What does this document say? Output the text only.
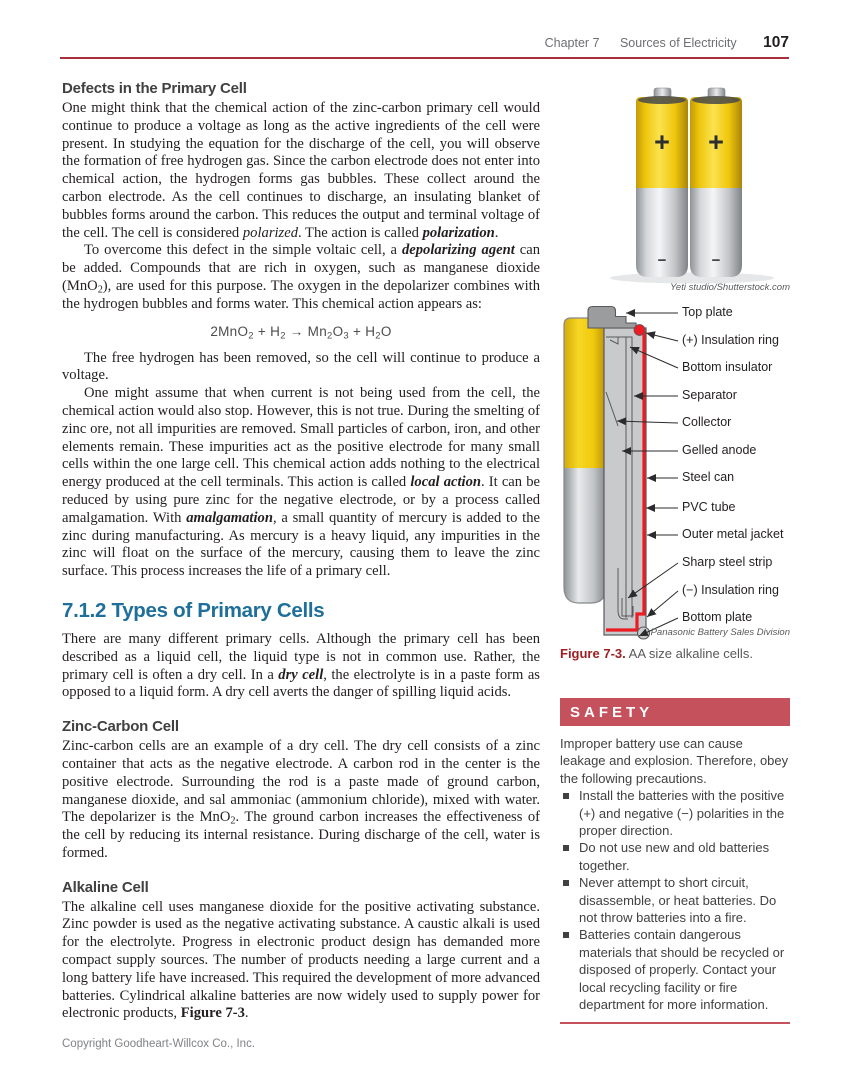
Chapter 7 Sources of Electricity 107
Defects in the Primary Cell

One might think that the chemical action of the zinc-carbon primary cell would continue to produce a voltage as long as the active ingredients of the cell were present. In studying the equation for the discharge of the cell, you will observe the formation of free hydrogen gas. Since the carbon electrode does not enter into chemical action, the hydrogen forms gas bubbles. These collect around the carbon electrode. As the cell continues to discharge, an insulating blanket of bubbles forms around the carbon. This reduces the output and terminal voltage of the cell. The cell is considered polarized. The action is called polarization.

To overcome this defect in the simple voltaic cell, a depolarizing agent can be added. Compounds that are rich in oxygen, such as manganese dioxide (MnO2), are used for this purpose. The oxygen in the depolarizer combines with the hydrogen bubbles and forms water. This chemical action appears as:

2MnO2 + H2 → Mn2O3 + H2O

The free hydrogen has been removed, so the cell will continue to produce a voltage.

One might assume that when current is not being used from the cell, the chemical action would also stop. However, this is not true. During the smelting of zinc ore, not all impurities are removed. Small particles of carbon, iron, and other elements remain. These impurities act as the positive electrode for many small cells within the one large cell. This chemical action adds nothing to the electrical energy produced at the cell terminals. This action is called local action. It can be reduced by using pure zinc for the negative electrode, or by a process called amalgamation. With amalgamation, a small quantity of mercury is added to the zinc during manufacturing. As mercury is a heavy liquid, any impurities in the zinc will float on the surface of the mercury, causing them to leave the zinc surface. This process increases the life of a primary cell.

7.1.2 Types of Primary Cells

There are many different primary cells. Although the primary cell has been described as a liquid cell, the liquid type is not in common use. Rather, the primary cell is often a dry cell. In a dry cell, the electrolyte is in a paste form as opposed to a liquid form. A dry cell averts the danger of spilling liquid acids.

Zinc-Carbon Cell

Zinc-carbon cells are an example of a dry cell. The dry cell consists of a zinc container that acts as the negative electrode. A carbon rod in the center is the positive electrode. Surrounding the rod is a paste made of ground carbon, manganese dioxide, and sal ammoniac (ammonium chloride), mixed with water. The depolarizer is the MnO2. The ground carbon increases the effectiveness of the cell by reducing its internal resistance. During discharge of the cell, water is formed.

Alkaline Cell

The alkaline cell uses manganese dioxide for the positive activating substance. Zinc powder is used as the negative activating substance. A caustic alkali is used for the electrolyte. Progress in electronic product design has demanded more compact supply sources. The number of products needing a large current and a long battery life have increased. This required the development of more advanced batteries. Cylindrical alkaline batteries are now widely used to supply power for electronic products, Figure 7-3.

+
−
+
−
Yeti studio/Shutterstock.com
Top plate
(+) Insulation ring
Bottom insulator
Separator
Collector
Gelled anode
Steel can
PVC tube
Outer metal jacket
Sharp steel strip
(−) Insulation ring
Bottom plate
Panasonic Battery Sales Division
Figure 7-3. AA size alkaline cells.
SAFETY

Improper battery use can cause leakage and explosion. Therefore, obey the following precautions.

Install the batteries with the positive (+) and negative (−) polarities in the proper direction.
Do not use new and old batteries together.
Never attempt to short circuit, disassemble, or heat batteries. Do not throw batteries into a fire.
Batteries contain dangerous materials that should be recycled or disposed of properly. Contact your local recycling facility or fire department for more information.
Copyright Goodheart-Willcox Co., Inc.
